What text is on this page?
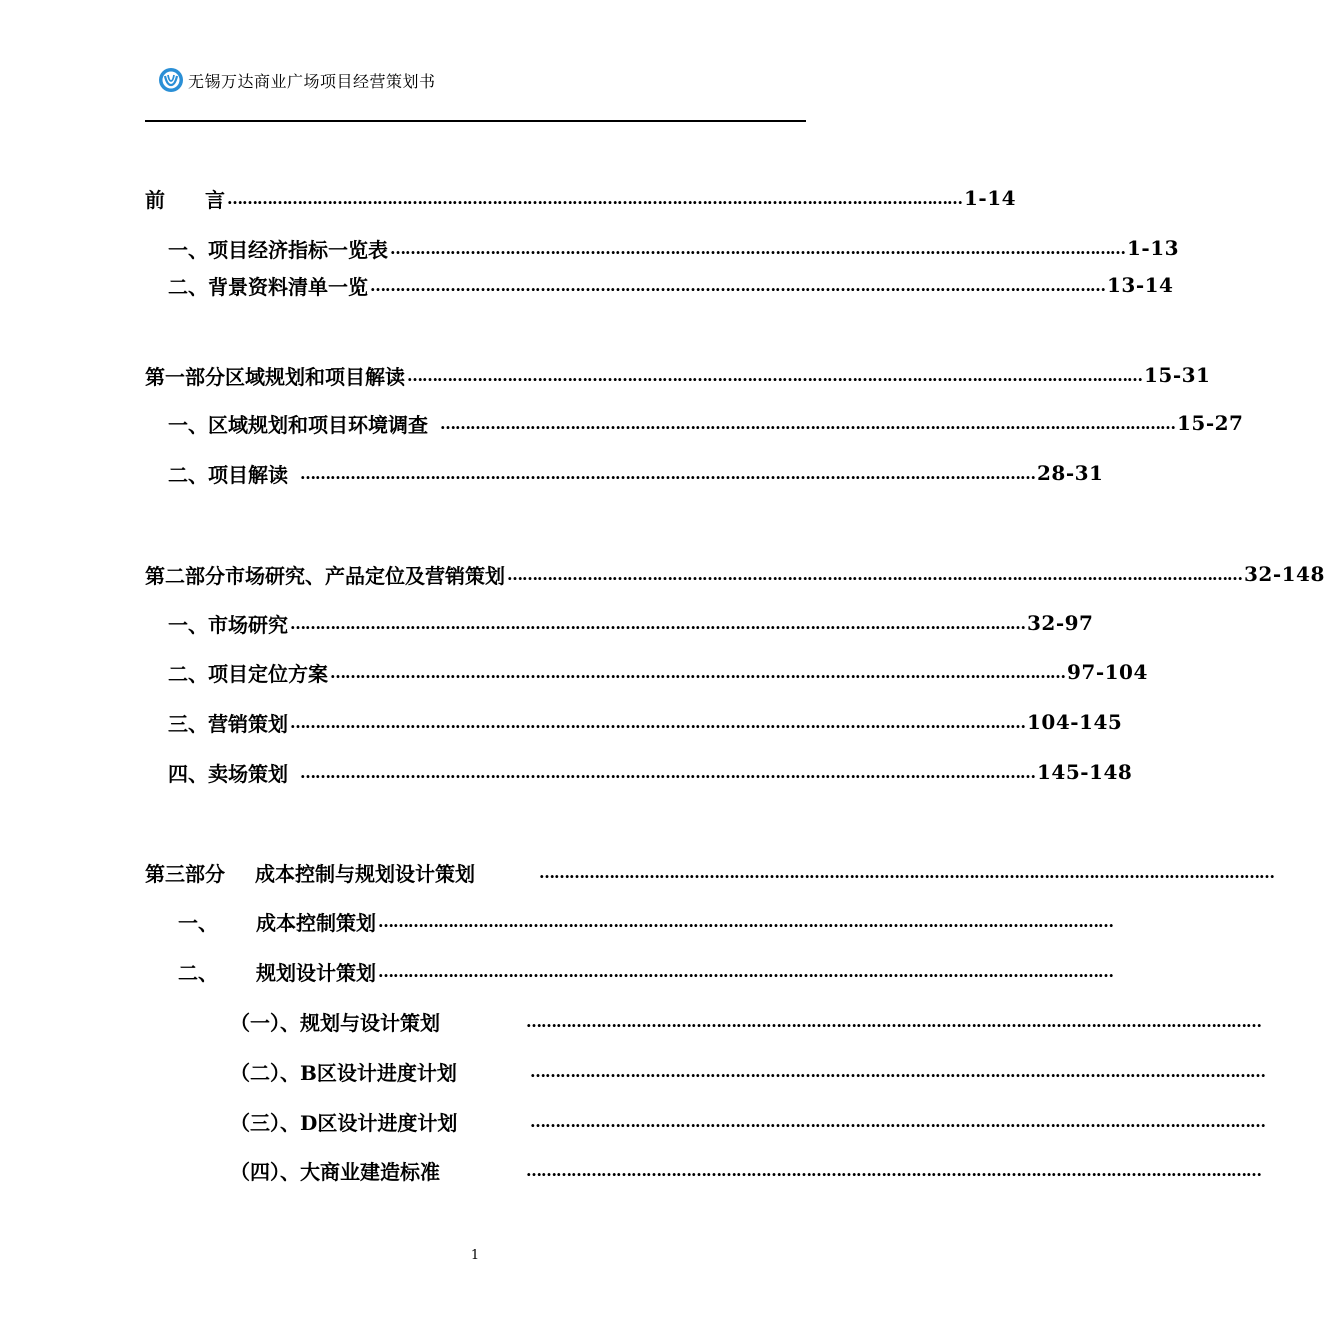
无锡万达商业广场项目经营策划书
前　　言 ………………………………………………………………………………………………………………………………… 1-14
一、 项目经济指标一览表 ………………………………………………………………………………………………………………………………… 1-13
二、 背景资料清单一览 ………………………………………………………………………………………………………………………………… 13-14
第一部分 区域规划和项目解读 ………………………………………………………………………………………………………………………………… 15-31
一、 区域规划和项目环境调查 ………………………………………………………………………………………………………………………………… 15-27
二、 项目解读 ………………………………………………………………………………………………………………………………… 28-31
第二部分 市场研究、产品定位及营销策划 ………………………………………………………………………………………………………………………………… 32-148
一、 市场研究 ………………………………………………………………………………………………………………………………… 32-97
二、 项目定位方案 ………………………………………………………………………………………………………………………………… 97-104
三、 营销策划 ………………………………………………………………………………………………………………………………… 104-145
四、 卖场策划 ………………………………………………………………………………………………………………………………… 145-148
第三部分	成本控制与规划设计策划	…………………………………………………………………………………………………………………………………
一、	成本控制策划 …………………………………………………………………………………………………………………………………
二、	规划设计策划 …………………………………………………………………………………………………………………………………
（一）、规划与设计策划	…………………………………………………………………………………………………………………………………
（二）、B区设计进度计划	…………………………………………………………………………………………………………………………………
（三）、D区设计进度计划	…………………………………………………………………………………………………………………………………
（四）、大商业建造标准	…………………………………………………………………………………………………………………………………
1
